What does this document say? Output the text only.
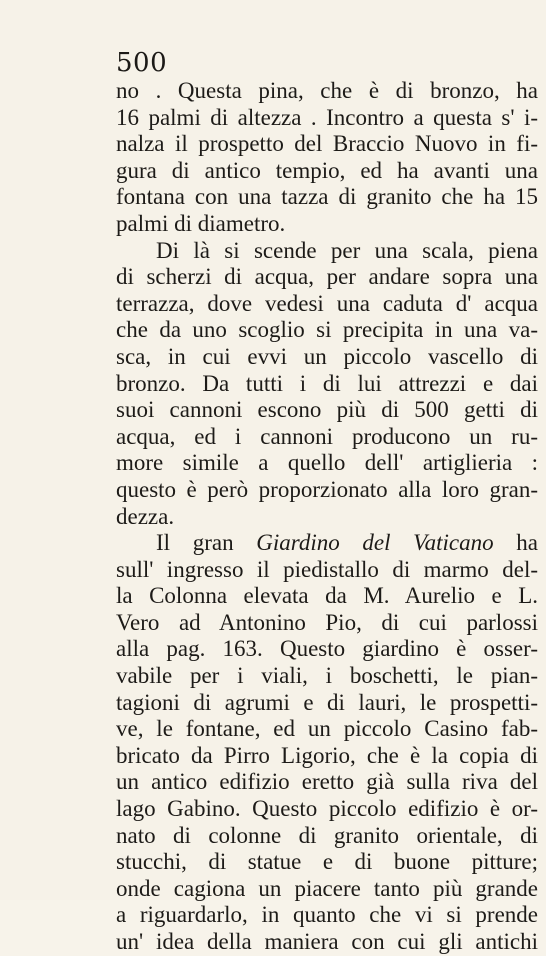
500
no . Questa pina, che è di bronzo, ha
16 palmi di altezza . Incontro a questa s' i-
nalza il prospetto del Braccio Nuovo in fi-
gura di antico tempio, ed ha avanti una
fontana con una tazza di granito che ha 15
palmi di diametro.
Di là si scende per una scala, piena
di scherzi di acqua, per andare sopra una
terrazza, dove vedesi una caduta d' acqua
che da uno scoglio si precipita in una va-
sca, in cui evvi un piccolo vascello di
bronzo. Da tutti i di lui attrezzi e dai
suoi cannoni escono più di 500 getti di
acqua, ed i cannoni producono un ru-
more simile a quello dell' artiglieria :
questo è però proporzionato alla loro gran-
dezza.
Il gran Giardino del Vaticano ha
sull' ingresso il piedistallo di marmo del-
la Colonna elevata da M. Aurelio e L.
Vero ad Antonino Pio, di cui parlossi
alla pag. 163. Questo giardino è osser-
vabile per i viali, i boschetti, le pian-
tagioni di agrumi e di lauri, le prospetti-
ve, le fontane, ed un piccolo Casino fab-
bricato da Pirro Ligorio, che è la copia di
un antico edifizio eretto già sulla riva del
lago Gabino. Questo piccolo edifizio è or-
nato di colonne di granito orientale, di
stucchi, di statue e di buone pitture;
onde cagiona un piacere tanto più grande
a riguardarlo, in quanto che vi si prende
un' idea della maniera con cui gli antichi
